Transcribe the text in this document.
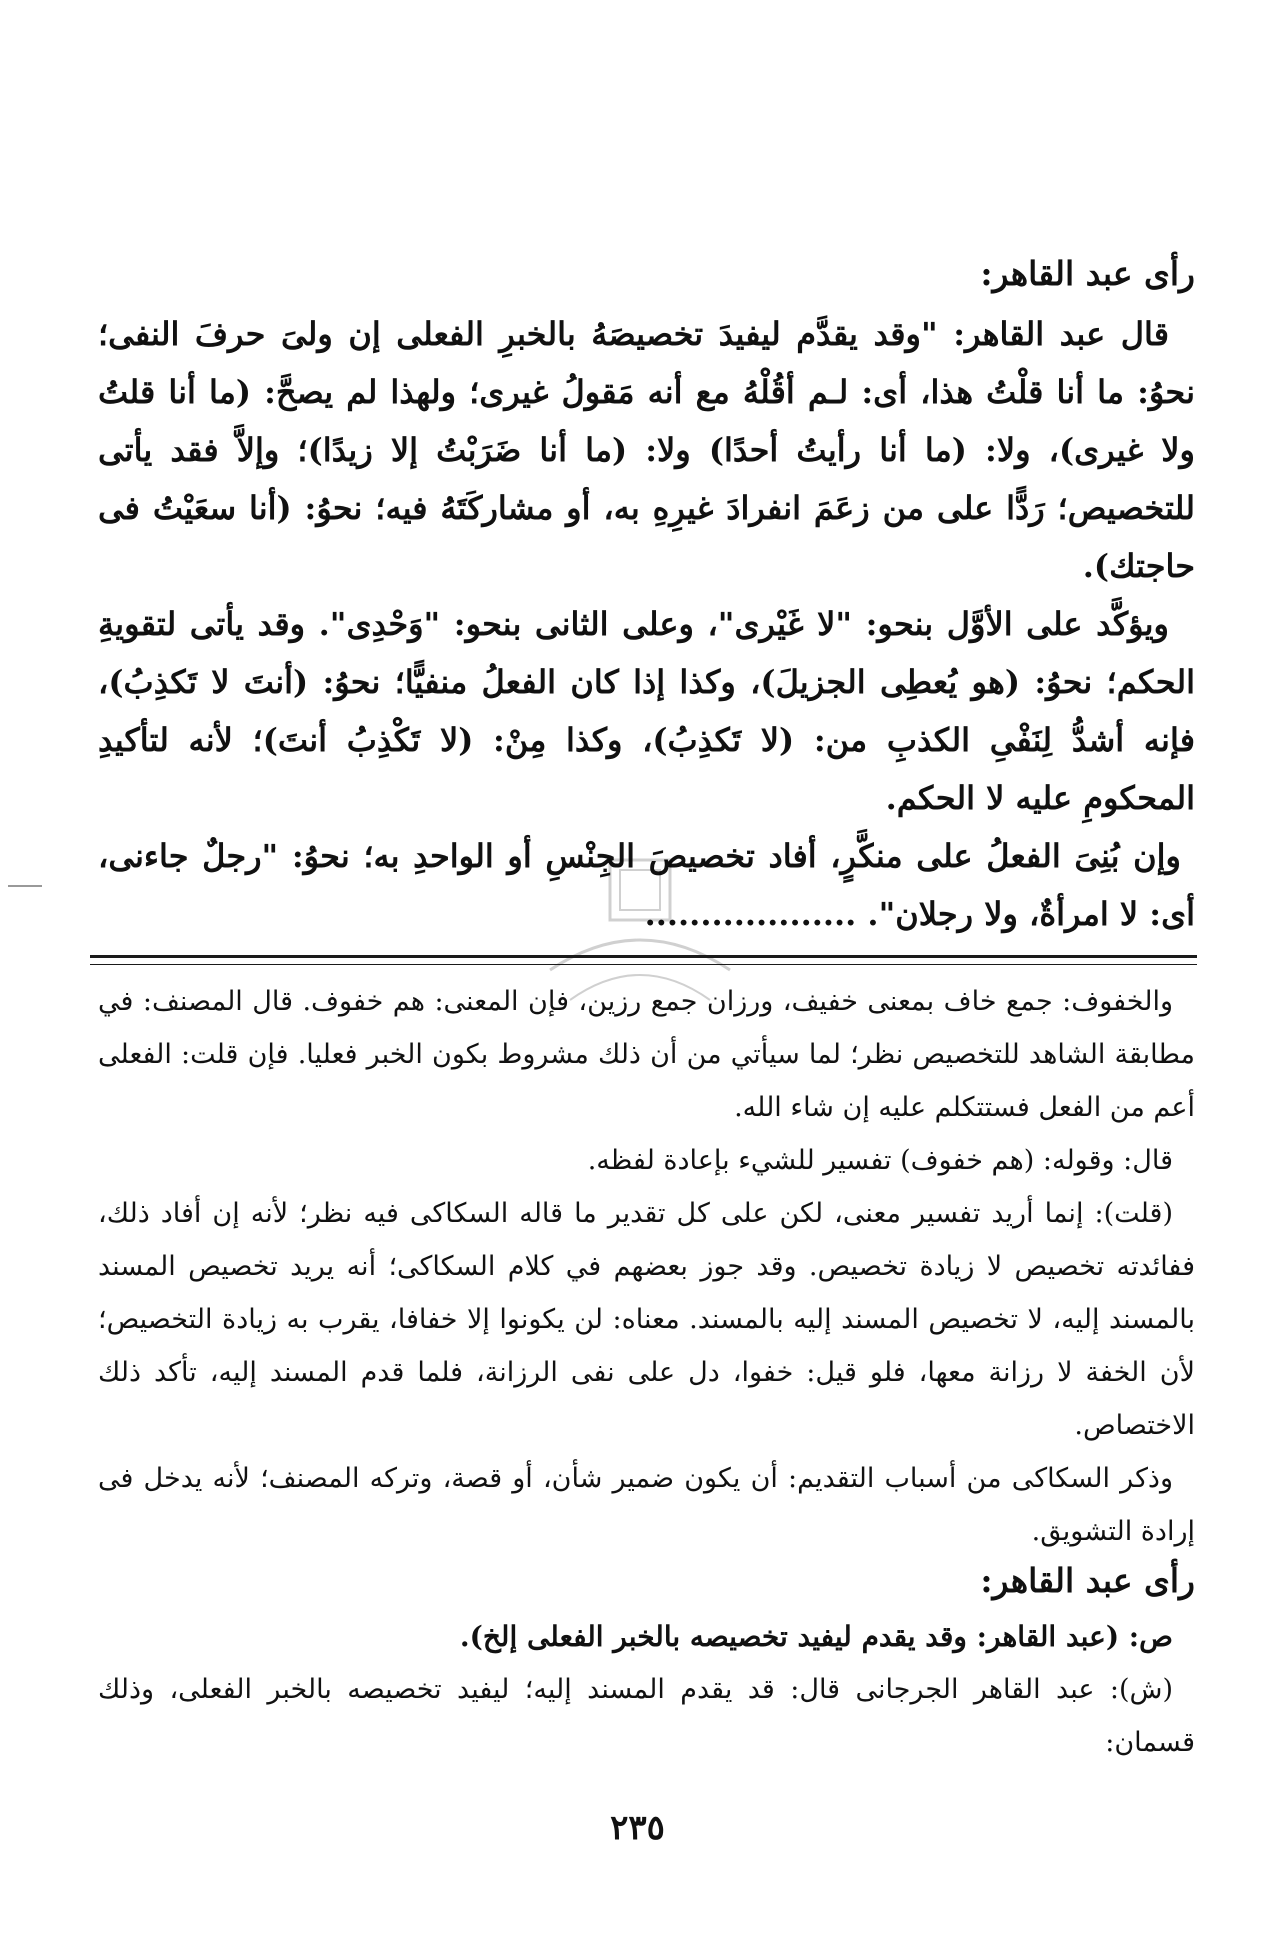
رأى عبد القاهر:

قال عبد القاهر: "وقد يقدَّم ليفيدَ تخصيصَهُ بالخبرِ الفعلى إن ولىَ حرفَ النفى؛ نحوُ: ما أنا قلْتُ هذا، أى: لـم أقُلْهُ مع أنه مَقولُ غيرى؛ ولهذا لم يصحَّ: (ما أنا قلتُ ولا غيرى)، ولا: (ما أنا رأيتُ أحدًا) ولا: (ما أنا ضَرَبْتُ إلا زيدًا)؛ وإلاَّ فقد يأتى للتخصيص؛ رَدًّا على من زعَمَ انفرادَ غيرِهِ به، أو مشاركَتَهُ فيه؛ نحوُ: (أنا سعَيْتُ فى حاجتك).

ويؤكَّد على الأوَّل بنحو: "لا غَيْرى"، وعلى الثانى بنحو: "وَحْدِى". وقد يأتى لتقويةِ الحكم؛ نحوُ: (هو يُعطِى الجزيلَ)، وكذا إذا كان الفعلُ منفيًّا؛ نحوُ: (أنتَ لا تَكذِبُ)، فإنه أشدُّ لِنَفْىِ الكذبِ من: (لا تَكذِبُ)، وكذا مِنْ: (لا تَكْذِبُ أنتَ)؛ لأنه لتأكيدِ المحكومِ عليه لا الحكم.

وإن بُنِىَ الفعلُ على منكَّرٍ، أفاد تخصيصَ الجِنْسِ أو الواحدِ به؛ نحوُ: "رجلٌ جاءنى، أى: لا امرأةٌ، ولا رجلان". ...................

والخفوف: جمع خاف بمعنى خفيف، ورزان جمع رزين، فإن المعنى: هم خفوف. قال المصنف: في مطابقة الشاهد للتخصيص نظر؛ لما سيأتي من أن ذلك مشروط بكون الخبر فعليا. فإن قلت: الفعلى أعم من الفعل فستتكلم عليه إن شاء الله.

قال: وقوله: (هم خفوف) تفسير للشيء بإعادة لفظه.

(قلت): إنما أريد تفسير معنى، لكن على كل تقدير ما قاله السكاكى فيه نظر؛ لأنه إن أفاد ذلك، ففائدته تخصيص لا زيادة تخصيص. وقد جوز بعضهم في كلام السكاكى؛ أنه يريد تخصيص المسند بالمسند إليه، لا تخصيص المسند إليه بالمسند. معناه: لن يكونوا إلا خفافا، يقرب به زيادة التخصيص؛ لأن الخفة لا رزانة معها، فلو قيل: خفوا، دل على نفى الرزانة، فلما قدم المسند إليه، تأكد ذلك الاختصاص.

وذكر السكاكى من أسباب التقديم: أن يكون ضمير شأن، أو قصة، وتركه المصنف؛ لأنه يدخل فى إرادة التشويق.

رأى عبد القاهر:

ص: (عبد القاهر: وقد يقدم ليفيد تخصيصه بالخبر الفعلى إلخ).

(ش): عبد القاهر الجرجانى قال: قد يقدم المسند إليه؛ ليفيد تخصيصه بالخبر الفعلى، وذلك قسمان:

٢٣٥
